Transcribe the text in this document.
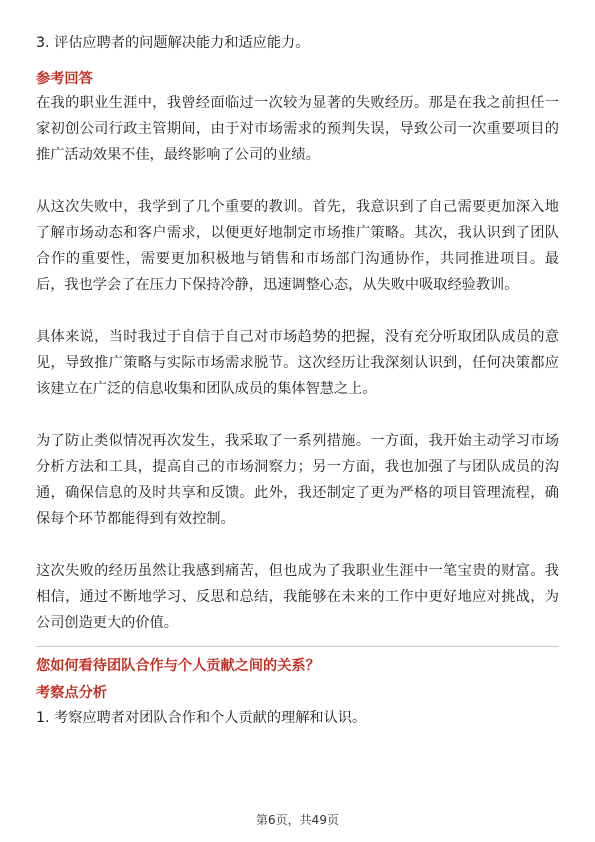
3. 评估应聘者的问题解决能力和适应能力。

参考回答

在我的职业生涯中，我曾经面临过一次较为显著的失败经历。那是在我之前担任一家初创公司行政主管期间，由于对市场需求的预判失误，导致公司一次重要项目的推广活动效果不佳，最终影响了公司的业绩。

从这次失败中，我学到了几个重要的教训。首先，我意识到了自己需要更加深入地了解市场动态和客户需求，以便更好地制定市场推广策略。其次，我认识到了团队合作的重要性，需要更加积极地与销售和市场部门沟通协作，共同推进项目。最后，我也学会了在压力下保持冷静，迅速调整心态，从失败中吸取经验教训。

具体来说，当时我过于自信于自己对市场趋势的把握，没有充分听取团队成员的意见，导致推广策略与实际市场需求脱节。这次经历让我深刻认识到，任何决策都应该建立在广泛的信息收集和团队成员的集体智慧之上。

为了防止类似情况再次发生，我采取了一系列措施。一方面，我开始主动学习市场分析方法和工具，提高自己的市场洞察力；另一方面，我也加强了与团队成员的沟通，确保信息的及时共享和反馈。此外，我还制定了更为严格的项目管理流程，确保每个环节都能得到有效控制。

这次失败的经历虽然让我感到痛苦，但也成为了我职业生涯中一笔宝贵的财富。我相信，通过不断地学习、反思和总结，我能够在未来的工作中更好地应对挑战，为公司创造更大的价值。

您如何看待团队合作与个人贡献之间的关系？

考察点分析

1. 考察应聘者对团队合作和个人贡献的理解和认识。

第6页，共49页
